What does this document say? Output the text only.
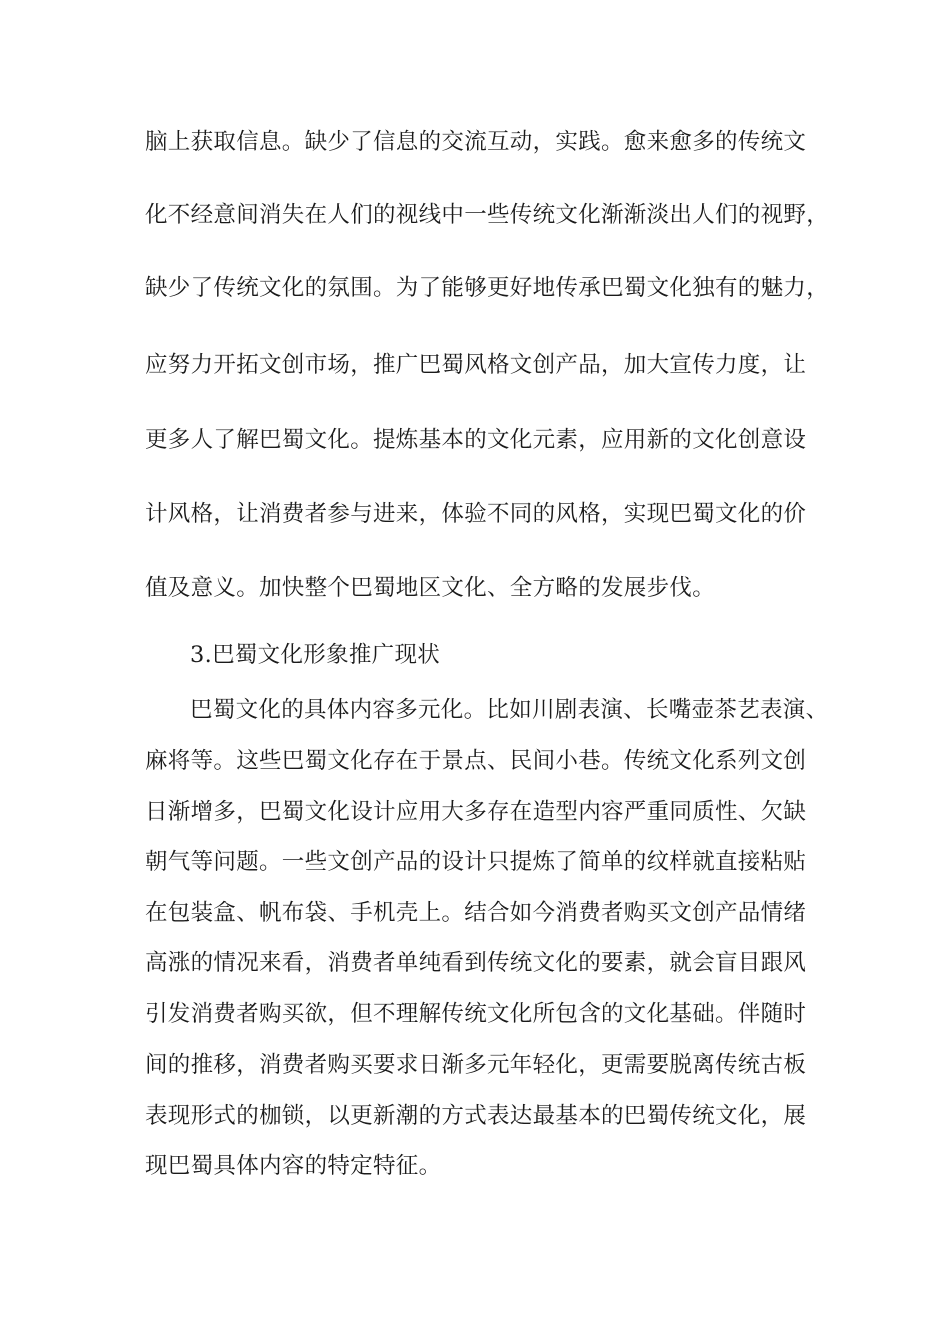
脑上获取信息。缺少了信息的交流互动，实践。愈来愈多的传统文
化不经意间消失在人们的视线中一些传统文化渐渐淡出人们的视野，
缺少了传统文化的氛围。为了能够更好地传承巴蜀文化独有的魅力，
应努力开拓文创市场，推广巴蜀风格文创产品，加大宣传力度，让
更多人了解巴蜀文化。提炼基本的文化元素，应用新的文化创意设
计风格，让消费者参与进来，体验不同的风格，实现巴蜀文化的价
值及意义。加快整个巴蜀地区文化、全方略的发展步伐。
3.巴蜀文化形象推广现状
巴蜀文化的具体内容多元化。比如川剧表演、长嘴壶茶艺表演、
麻将等。这些巴蜀文化存在于景点、民间小巷。传统文化系列文创
日渐增多，巴蜀文化设计应用大多存在造型内容严重同质性、欠缺
朝气等问题。一些文创产品的设计只提炼了简单的纹样就直接粘贴
在包装盒、帆布袋、手机壳上。结合如今消费者购买文创产品情绪
高涨的情况来看，消费者单纯看到传统文化的要素，就会盲目跟风
引发消费者购买欲，但不理解传统文化所包含的文化基础。伴随时
间的推移，消费者购买要求日渐多元年轻化，更需要脱离传统古板
表现形式的枷锁，以更新潮的方式表达最基本的巴蜀传统文化，展
现巴蜀具体内容的特定特征。
